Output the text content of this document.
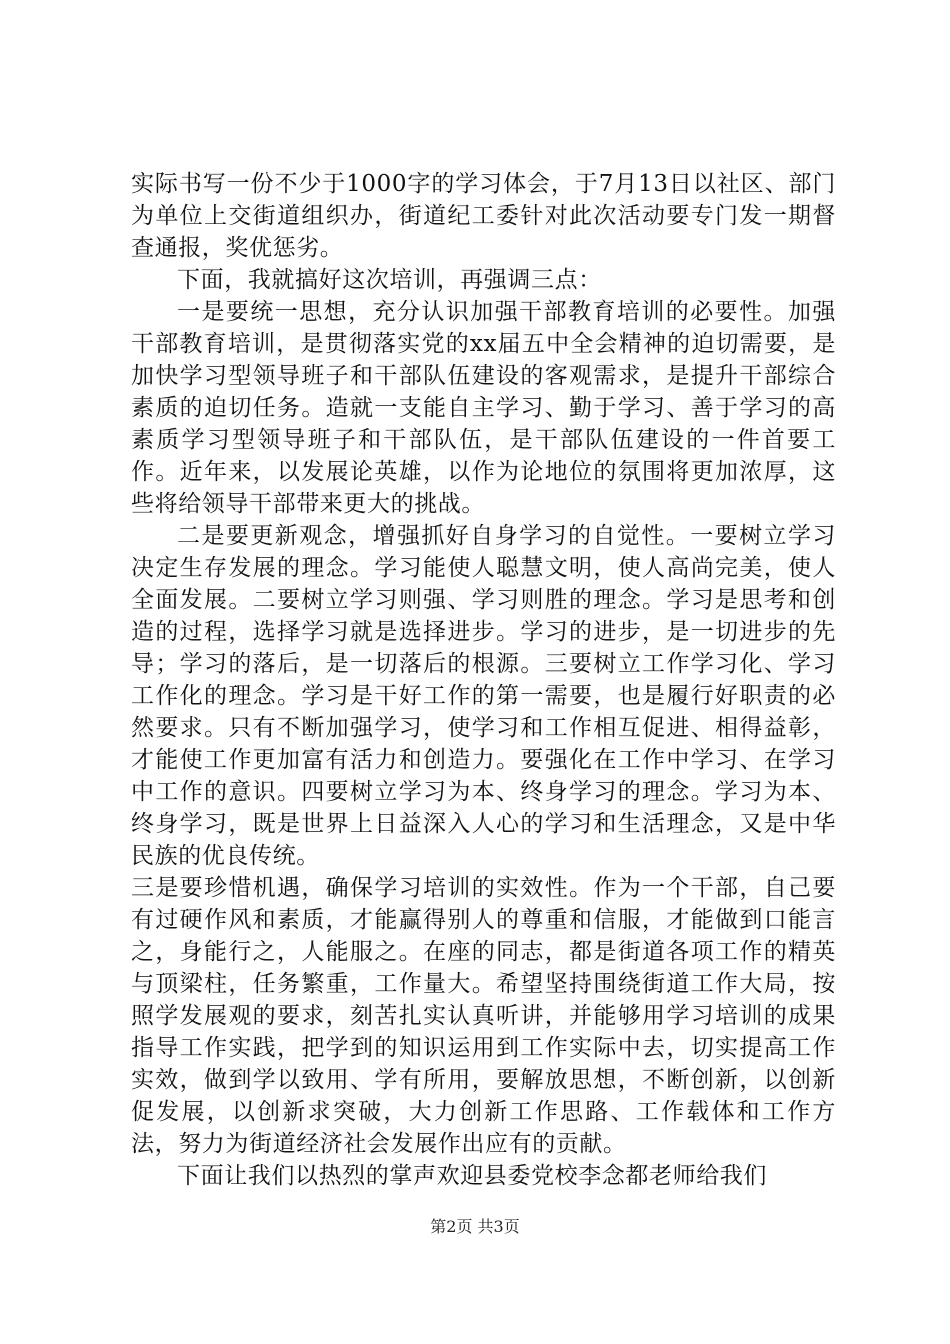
实际书写一份不少于1000字的学习体会，于7月13日以社区、部门为单位上交街道组织办，街道纪工委针对此次活动要专门发一期督查通报，奖优惩劣。

下面，我就搞好这次培训，再强调三点：

一是要统一思想，充分认识加强干部教育培训的必要性。加强干部教育培训，是贯彻落实党的xx届五中全会精神的迫切需要，是加快学习型领导班子和干部队伍建设的客观需求，是提升干部综合素质的迫切任务。造就一支能自主学习、勤于学习、善于学习的高素质学习型领导班子和干部队伍，是干部队伍建设的一件首要工作。近年来，以发展论英雄，以作为论地位的氛围将更加浓厚，这些将给领导干部带来更大的挑战。

二是要更新观念，增强抓好自身学习的自觉性。一要树立学习决定生存发展的理念。学习能使人聪慧文明，使人高尚完美，使人全面发展。二要树立学习则强、学习则胜的理念。学习是思考和创造的过程，选择学习就是选择进步。学习的进步，是一切进步的先导；学习的落后，是一切落后的根源。三要树立工作学习化、学习工作化的理念。学习是干好工作的第一需要，也是履行好职责的必然要求。只有不断加强学习，使学习和工作相互促进、相得益彰，才能使工作更加富有活力和创造力。要强化在工作中学习、在学习中工作的意识。四要树立学习为本、终身学习的理念。学习为本、终身学习，既是世界上日益深入人心的学习和生活理念，又是中华民族的优良传统。

三是要珍惜机遇，确保学习培训的实效性。作为一个干部，自己要有过硬作风和素质，才能赢得别人的尊重和信服，才能做到口能言之，身能行之，人能服之。在座的同志，都是街道各项工作的精英与顶梁柱，任务繁重，工作量大。希望坚持围绕街道工作大局，按照学发展观的要求，刻苦扎实认真听讲，并能够用学习培训的成果指导工作实践，把学到的知识运用到工作实际中去，切实提高工作实效，做到学以致用、学有所用，要解放思想，不断创新，以创新促发展，以创新求突破，大力创新工作思路、工作载体和工作方法，努力为街道经济社会发展作出应有的贡献。

下面让我们以热烈的掌声欢迎县委党校李念都老师给我们

第2页 共3页
